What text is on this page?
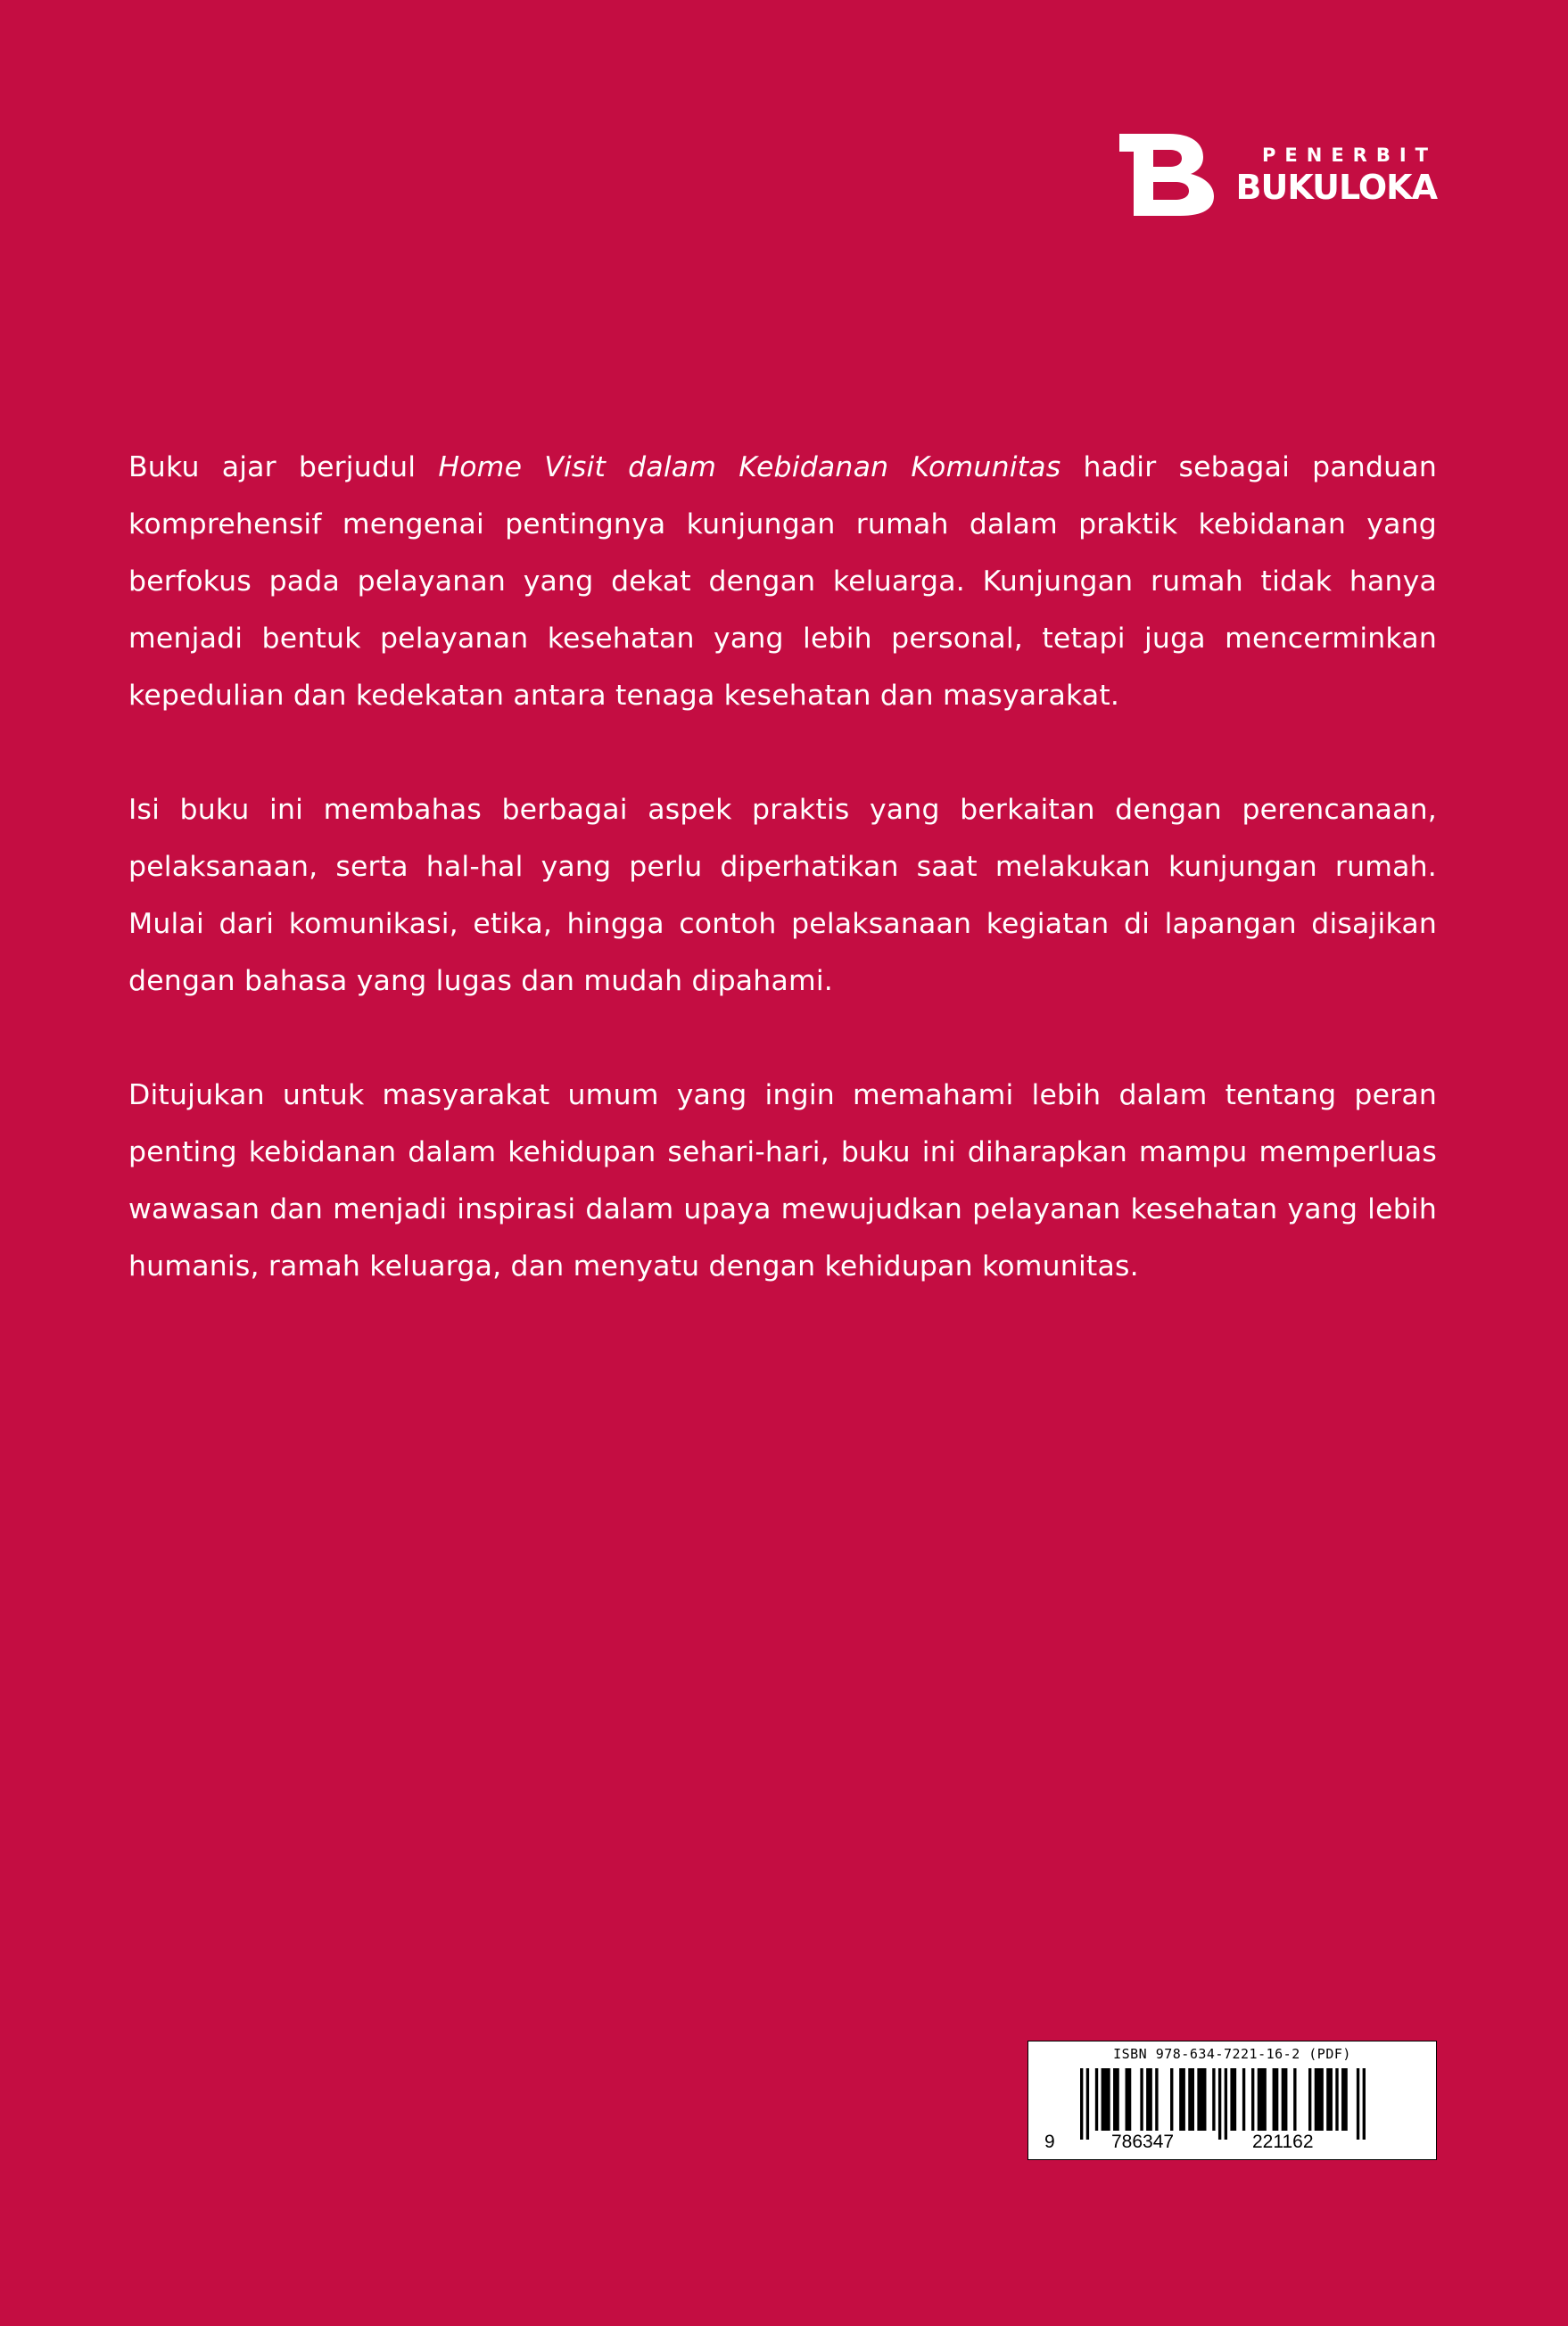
PENERBIT
BUKULOKA

Buku ajar berjudul Home Visit dalam Kebidanan Komunitas hadir sebagai panduan komprehensif mengenai pentingnya kunjungan rumah dalam praktik kebidanan yang berfokus pada pelayanan yang dekat dengan keluarga. Kunjungan rumah tidak hanya menjadi bentuk pelayanan kesehatan yang lebih personal, tetapi juga mencerminkan kepedulian dan kedekatan antara tenaga kesehatan dan masyarakat.

Isi buku ini membahas berbagai aspek praktis yang berkaitan dengan perencanaan, pelaksanaan, serta hal-hal yang perlu diperhatikan saat melakukan kunjungan rumah. Mulai dari komunikasi, etika, hingga contoh pelaksanaan kegiatan di lapangan disajikan dengan bahasa yang lugas dan mudah dipahami.

Ditujukan untuk masyarakat umum yang ingin memahami lebih dalam tentang peran penting kebidanan dalam kehidupan sehari-hari, buku ini diharapkan mampu memperluas wawasan dan menjadi inspirasi dalam upaya mewujudkan pelayanan kesehatan yang lebih humanis, ramah keluarga, dan menyatu dengan kehidupan komunitas.

ISBN 978-634-7221-16-2 (PDF)
9	786347	221162
